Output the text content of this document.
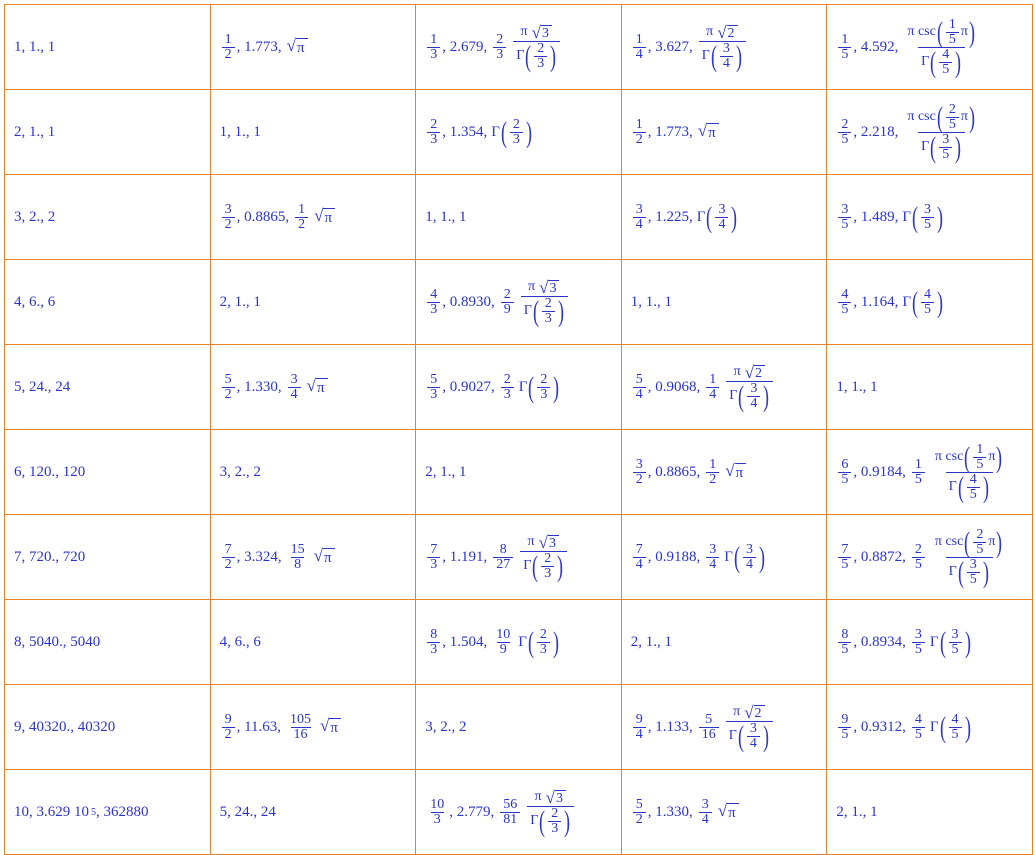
1, 1., 1	$\frac{1}{2}$ , 1.773, √ π	$\frac{1}{3}$ , 2.679, $\frac{2}{3} \frac{\pi √ 3}{\Gamma ( \frac{2}{3} )}$	$\frac{1}{4}$ , 3.627, $\frac{\pi √ 2}{\Gamma ( \frac{3}{4} )}$	$\frac{1}{5}$ , 4.592, $\frac{\pi \csc ( \frac{1}{5} \pi )}{\Gamma ( \frac{4}{5} )}$

2, 1., 1	1, 1., 1	$\frac{2}{3}$ , 1.354, Γ ( $\frac{2}{3}$ )	$\frac{1}{2}$ , 1.773, √ π	$\frac{2}{5}$ , 2.218, $\frac{\pi \csc ( \frac{2}{5} \pi )}{\Gamma ( \frac{3}{5} )}$

3, 2., 2	$\frac{3}{2}$ , 0.8865, $\frac{1}{2}$ √ π	1, 1., 1	$\frac{3}{4}$ , 1.225, Γ ( $\frac{3}{4}$ )	$\frac{3}{5}$ , 1.489, Γ ( $\frac{3}{5}$ )

4, 6., 6	2, 1., 1	$\frac{4}{3}$ , 0.8930, $\frac{2}{9} \frac{\pi √ 3}{\Gamma ( \frac{2}{3} )}$	1, 1., 1	$\frac{4}{5}$ , 1.164, Γ ( $\frac{4}{5}$ )

5, 24., 24	$\frac{5}{2}$ , 1.330, $\frac{3}{4}$ √ π	$\frac{5}{3}$ , 0.9027, $\frac{2}{3}$ Γ ( $\frac{2}{3}$ )	$\frac{5}{4}$ , 0.9068, $\frac{1}{4} \frac{\pi √ 2}{\Gamma ( \frac{3}{4} )}$	1, 1., 1

6, 120., 120	3, 2., 2	2, 1., 1	$\frac{3}{2}$ , 0.8865, $\frac{1}{2}$ √ π	$\frac{6}{5}$ , 0.9184, $\frac{1}{5} \frac{\pi \csc ( \frac{1}{5} \pi )}{\Gamma ( \frac{4}{5} )}$

7, 720., 720	$\frac{7}{2}$ , 3.324, $\frac{15}{8}$ √ π	$\frac{7}{3}$ , 1.191, $\frac{8}{27} \frac{\pi √ 3}{\Gamma ( \frac{2}{3} )}$	$\frac{7}{4}$ , 0.9188, $\frac{3}{4}$ Γ ( $\frac{3}{4}$ )	$\frac{7}{5}$ , 0.8872, $\frac{2}{5} \frac{\pi \csc ( \frac{2}{5} \pi )}{\Gamma ( \frac{3}{5} )}$

8, 5040., 5040	4, 6., 6	$\frac{8}{3}$ , 1.504, $\frac{10}{9}$ Γ ( $\frac{2}{3}$ )	2, 1., 1	$\frac{8}{5}$ , 0.8934, $\frac{3}{5}$ Γ ( $\frac{3}{5}$ )

9, 40320., 40320	$\frac{9}{2}$ , 11.63, $\frac{105}{16}$ √ π	3, 2., 2	$\frac{9}{4}$ , 1.133, $\frac{5}{16} \frac{\pi √ 2}{\Gamma ( \frac{3}{4} )}$	$\frac{9}{5}$ , 0.9312, $\frac{4}{5}$ Γ ( $\frac{4}{5}$ )

10, 3.629 10 5 , 362880	5, 24., 24	$\frac{10}{3}$ , 2.779, $\frac{56}{81} \frac{\pi √ 3}{\Gamma ( \frac{2}{3} )}$	$\frac{5}{2}$ , 1.330, $\frac{3}{4}$ √ π	2, 1., 1
